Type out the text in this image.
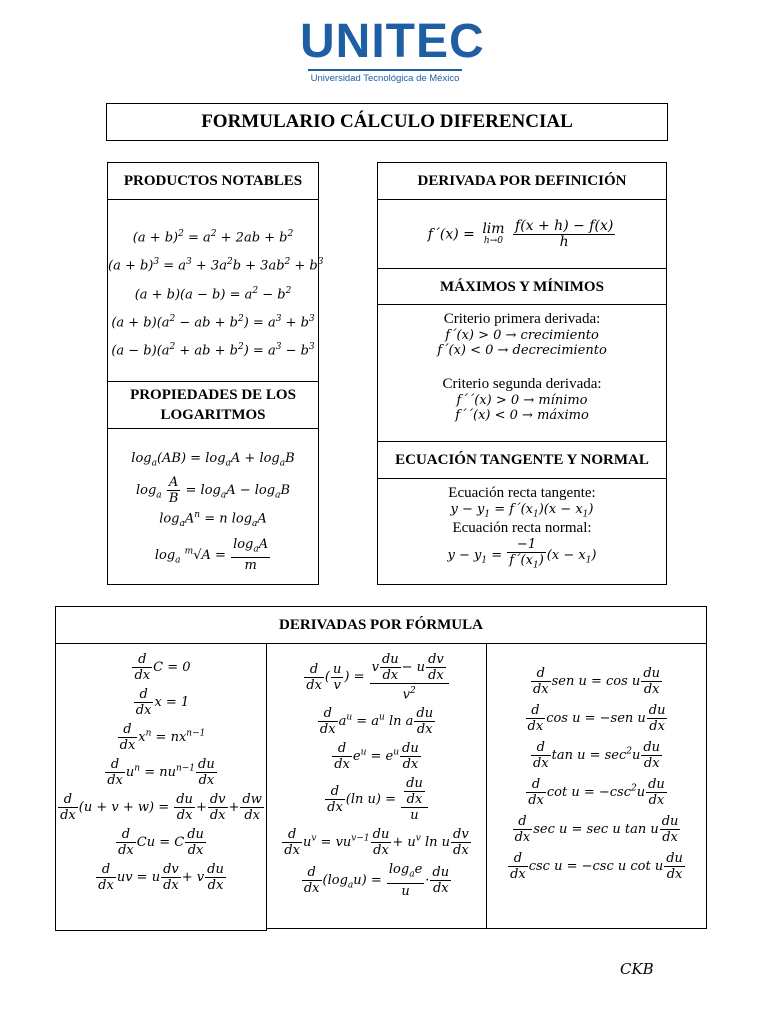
UNITEC
Universidad Tecnológica de México
FORMULARIO CÁLCULO DIFERENCIAL
PRODUCTOS NOTABLES
$(a + b)^2 = a^2 + 2ab + b^2$
$(a + b)^3 = a^3 + 3a^2b + 3ab^2 + b^3$
$(a + b)(a - b) = a^2 - b^2$
$(a + b)(a^2$ − ab + $b^2) = a^3 + b^3$
$(a - b)(a^2$ + ab + $b^2) = a^3 - b^3$
PROPIEDADES DE LOS LOGARITMOS
$\log_a(AB) = \log_aA + \log_aB$
$\log_a \frac{A}{B} = \log_aA - \log_aB$
$\log_aA^n = n$ $\log_aA$
$\log_a ^m√A = \frac{\log_aA}{m}$
DERIVADA POR DEFINICIÓN
f´(x) = lim
h→0
$\frac{f(x + h) - f(x)}{h}$
MÁXIMOS Y MÍNIMOS
Criterio primera derivada:
f´(x) > 0 → crecimiento
f´(x) < 0 → decrecimiento
Criterio segunda derivada:
f´´(x) > 0 → mínimo
f´´(x) < 0 → máximo
ECUACIÓN TANGENTE Y NORMAL
Ecuación recta tangente:
$y - y_1$ = $f´(x_1)(x - x_1)$
Ecuación recta normal:
$y - y_1 = \frac{-1}{f´(x_1)} (x - x_1)$
DERIVADAS POR FÓRMULA
$\frac{d}{dx}$ C = 0
$\frac{d}{dx}$ x = 1
$\frac{d}{dx} x^n = nx^{n-1}$
$\frac{d}{dx} u^n = nu^{n-1} \frac{du}{dx}$
$\frac{d}{dx} (u + v + w) = \frac{du}{dx} + \frac{dv}{dx} + \frac{dw}{dx}$
$\frac{d}{dx}$ Cu = C $\frac{du}{dx}$
$\frac{d}{dx}$ uv = u $\frac{dv}{dx} + v \frac{du}{dx}$
$\frac{d}{dx}$ ( $\frac{u}{v}$ ) =
v $\frac{du}{dx} - u \frac{dv}{dx}$
$v^2$
$\frac{d}{dx} a^u = a^u$ ln a $\frac{du}{dx}$
$\frac{d}{dx} e^u = e^u \frac{du}{dx}$
$\frac{d}{dx} (\ln$ $u) = \frac{du}{dx}$
u
$\frac{d}{dx} u^v = vu^{v-1} \frac{du}{dx} + u^v$ ln u $\frac{dv}{dx}$
$\frac{d}{dx} (\log_au) = \frac{\log_ae}{u} \cdot \frac{du}{dx}$
$\frac{d}{dx}$ sen u = cos u $\frac{du}{dx}$
$\frac{d}{dx}$ cos u = −sen u $\frac{du}{dx}$
$\frac{d}{dx}$ $\tan u = \sec^2u \frac{du}{dx}$
$\frac{d}{dx}$ $\cot u = -\csc^2u \frac{du}{dx}$
$\frac{d}{dx}$ sec u = sec u tan u $\frac{du}{dx}$
$\frac{d}{dx}$ csc u = −csc u cot u $\frac{du}{dx}$
CKB
